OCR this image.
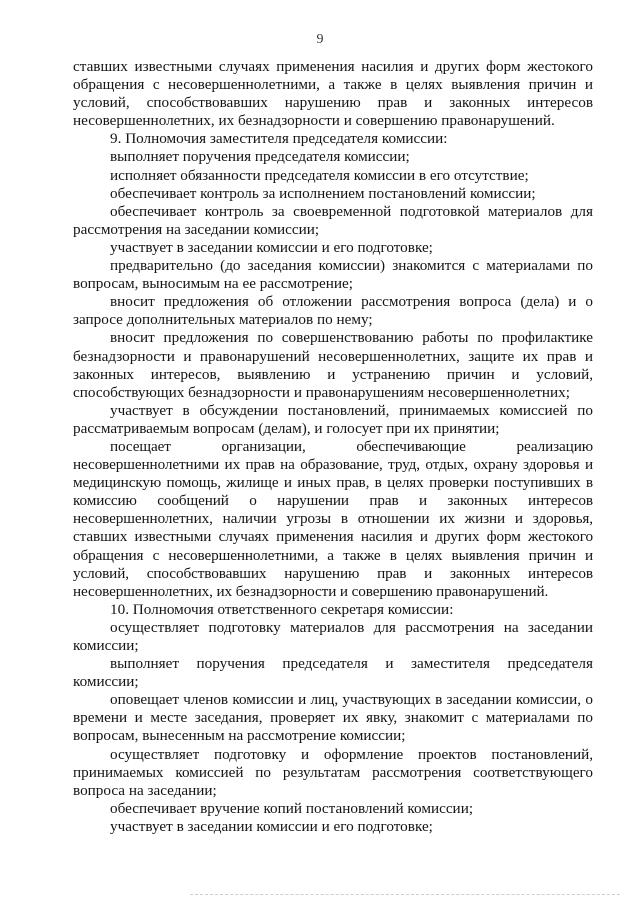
9

ставших известными случаях применения насилия и других форм жестокого обращения с несовершеннолетними, а также в целях выявления причин и условий, способствовавших нарушению прав и законных интересов несовершеннолетних, их безнадзорности и совершению правонарушений.

9. Полномочия заместителя председателя комиссии:

выполняет поручения председателя комиссии;

исполняет обязанности председателя комиссии в его отсутствие;

обеспечивает контроль за исполнением постановлений комиссии;

обеспечивает контроль за своевременной подготовкой материалов для рассмотрения на заседании комиссии;

участвует в заседании комиссии и его подготовке;

предварительно (до заседания комиссии) знакомится с материалами по вопросам, выносимым на ее рассмотрение;

вносит предложения об отложении рассмотрения вопроса (дела) и о запросе дополнительных материалов по нему;

вносит предложения по совершенствованию работы по профилактике безнадзорности и правонарушений несовершеннолетних, защите их прав и законных интересов, выявлению и устранению причин и условий, способствующих безнадзорности и правонарушениям несовершеннолетних;

участвует в обсуждении постановлений, принимаемых комиссией по рассматриваемым вопросам (делам), и голосует при их принятии;

посещает организации, обеспечивающие реализацию несовершеннолетними их прав на образование, труд, отдых, охрану здоровья и медицинскую помощь, жилище и иных прав, в целях проверки поступивших в комиссию сообщений о нарушении прав и законных интересов несовершеннолетних, наличии угрозы в отношении их жизни и здоровья, ставших известными случаях применения насилия и других форм жестокого обращения с несовершеннолетними, а также в целях выявления причин и условий, способствовавших нарушению прав и законных интересов несовершеннолетних, их безнадзорности и совершению правонарушений.

10. Полномочия ответственного секретаря комиссии:

осуществляет подготовку материалов для рассмотрения на заседании комиссии;

выполняет поручения председателя и заместителя председателя комиссии;

оповещает членов комиссии и лиц, участвующих в заседании комиссии, о времени и месте заседания, проверяет их явку, знакомит с материалами по вопросам, вынесенным на рассмотрение комиссии;

осуществляет подготовку и оформление проектов постановлений, принимаемых комиссией по результатам рассмотрения соответствующего вопроса на заседании;

обеспечивает вручение копий постановлений комиссии;

участвует в заседании комиссии и его подготовке;
